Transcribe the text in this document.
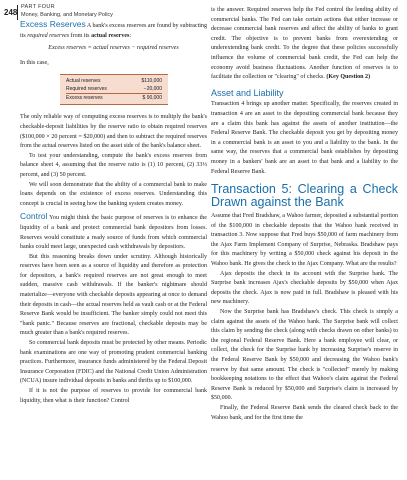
248
PART FOUR
Money, Banking, and Monetary Policy

Excess Reserves A bank's excess reserves are found by subtracting its required reserves from its actual reserves:

Excess reserves = actual reserves − required reserves

In this case,

Actual reserves	$110,000
Required reserves	−20,000
Excess reserves	$ 90,000

The only reliable way of computing excess reserves is to multiply the bank's checkable-deposit liabilities by the reserve ratio to obtain required reserves ($100,000 × 20 percent = $20,000) and then to subtract the required reserves from the actual reserves listed on the asset side of the bank's balance sheet.

To test your understanding, compute the bank's excess reserves from balance sheet 4, assuming that the reserve ratio is (1) 10 percent, (2) 33⅓ percent, and (3) 50 percent.

We will soon demonstrate that the ability of a commercial bank to make loans depends on the existence of excess reserves. Understanding this concept is crucial in seeing how the banking system creates money.

Control You might think the basic purpose of reserves is to enhance the liquidity of a bank and protect commercial bank depositors from losses. Reserves would constitute a ready source of funds from which commercial banks could meet large, unexpected cash withdrawals by depositors.

But this reasoning breaks down under scrutiny. Although historically reserves have been seen as a source of liquidity and therefore as protection for depositors, a bank's required reserves are not great enough to meet sudden, massive cash withdrawals. If the banker's nightmare should materialize—everyone with checkable deposits appearing at once to demand their deposits in cash—the actual reserves held as vault cash or at the Federal Reserve Bank would be insufficient. The banker simply could not meet this "bank panic." Because reserves are fractional, checkable deposits may be much greater than a bank's required reserves.

So commercial bank deposits must be protected by other means. Periodic bank examinations are one way of promoting prudent commercial banking practices. Furthermore, insurance funds administered by the Federal Deposit Insurance Corporation (FDIC) and the National Credit Union Administration (NCUA) insure individual deposits in banks and thrifts up to $100,000.

If it is not the purpose of reserves to provide for commercial bank liquidity, then what is their function? Control

is the answer. Required reserves help the Fed control the lending ability of commercial banks. The Fed can take certain actions that either increase or decrease commercial bank reserves and affect the ability of banks to grant credit. The objective is to prevent banks from overextending or underextending bank credit. To the degree that these policies successfully influence the volume of commercial bank credit, the Fed can help the economy avoid business fluctuations. Another function of reserves is to facilitate the collection or "clearing" of checks. (Key Question 2)

Asset and Liability

Transaction 4 brings up another matter. Specifically, the reserves created in transaction 4 are an asset to the depositing commercial bank because they are a claim this bank has against the assets of another institution—the Federal Reserve Bank. The checkable deposit you get by depositing money in a commercial bank is an asset to you and a liability to the bank. In the same way, the reserves that a commercial bank establishes by depositing money in a bankers' bank are an asset to that bank and a liability to the Federal Reserve Bank.

Transaction 5: Clearing a Check Drawn against the Bank

Assume that Fred Bradshaw, a Wahoo farmer, deposited a substantial portion of the $100,000 in checkable deposits that the Wahoo bank received in transaction 3. Now suppose that Fred buys $50,000 of farm machinery from the Ajax Farm Implement Company of Surprise, Nebraska. Bradshaw pays for this machinery by writing a $50,000 check against his deposit in the Wahoo bank. He gives the check to the Ajax Company. What are the results?

Ajax deposits the check in its account with the Surprise bank. The Surprise bank increases Ajax's checkable deposits by $50,000 when Ajax deposits the check. Ajax is now paid in full. Bradshaw is pleased with his new machinery.

Now the Surprise bank has Bradshaw's check. This check is simply a claim against the assets of the Wahoo bank. The Surprise bank will collect this claim by sending the check (along with checks drawn on other banks) to the regional Federal Reserve Bank. Here a bank employee will clear, or collect, the check for the Surprise bank by increasing Surprise's reserve in the Federal Reserve Bank by $50,000 and decreasing the Wahoo bank's reserve by that same amount. The check is "collected" merely by making bookkeeping notations to the effect that Wahoo's claim against the Federal Reserve Bank is reduced by $50,000 and Surprise's claim is increased by $50,000.

Finally, the Federal Reserve Bank sends the cleared check back to the Wahoo bank, and for the first time the
